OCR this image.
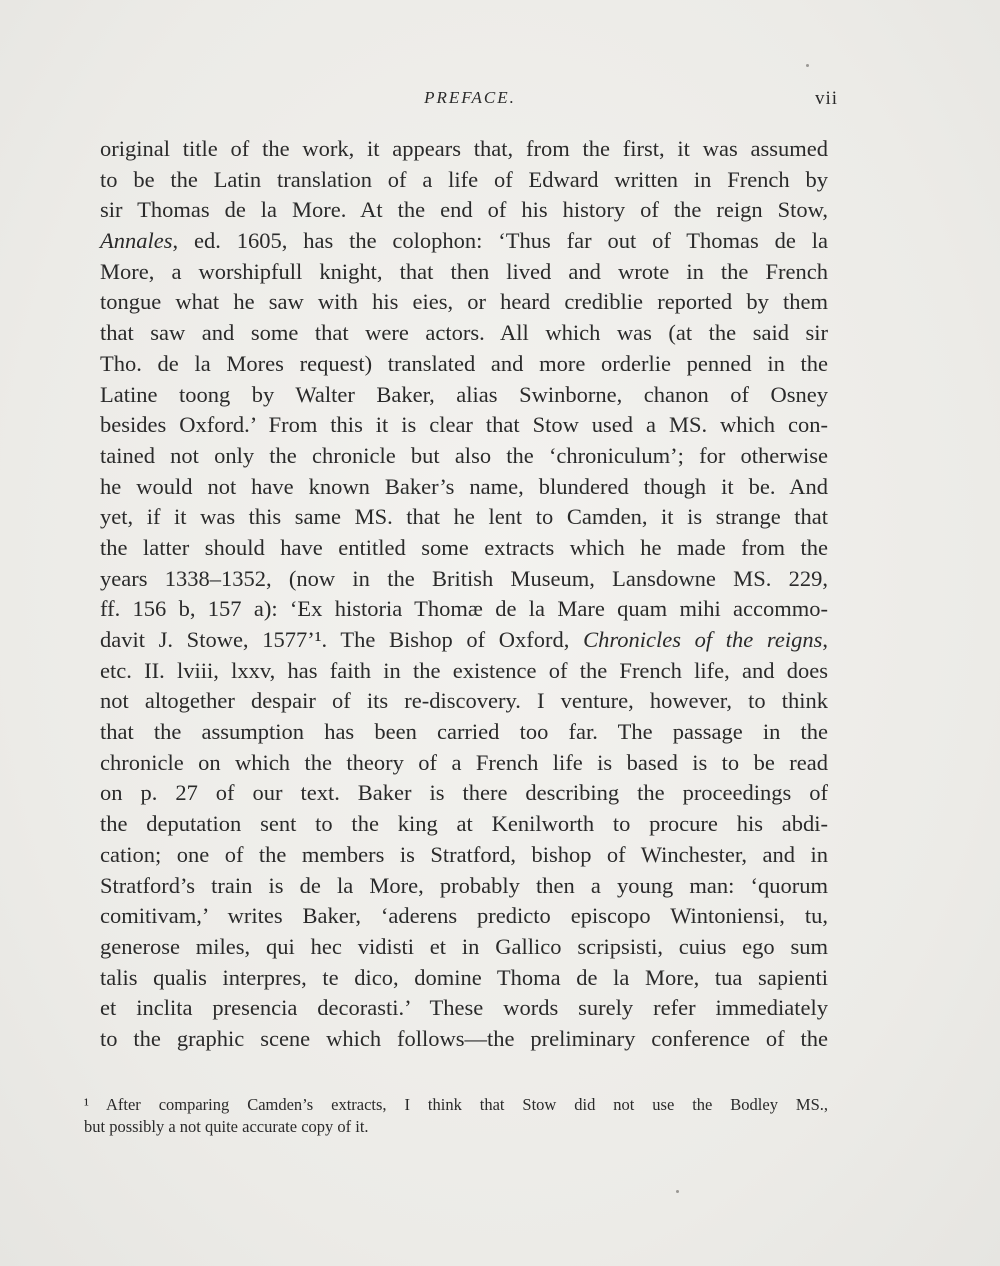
PREFACE.	vii
original title of the work, it appears that, from the first, it was assumed
to be the Latin translation of a life of Edward written in French by
sir Thomas de la More. At the end of his history of the reign Stow,
Annales, ed. 1605, has the colophon: ‘Thus far out of Thomas de la
More, a worshipfull knight, that then lived and wrote in the French
tongue what he saw with his eies, or heard crediblie reported by them
that saw and some that were actors. All which was (at the said sir
Tho. de la Mores request) translated and more orderlie penned in the
Latine toong by Walter Baker, alias Swinborne, chanon of Osney
besides Oxford.’ From this it is clear that Stow used a MS. which con-
tained not only the chronicle but also the ‘chroniculum’; for otherwise
he would not have known Baker’s name, blundered though it be. And
yet, if it was this same MS. that he lent to Camden, it is strange that
the latter should have entitled some extracts which he made from the
years 1338–1352, (now in the British Museum, Lansdowne MS. 229,
ff. 156 b, 157 a): ‘Ex historia Thomæ de la Mare quam mihi accommo-
davit J. Stowe, 1577’¹. The Bishop of Oxford, Chronicles of the reigns,
etc. II. lviii, lxxv, has faith in the existence of the French life, and does
not altogether despair of its re-discovery. I venture, however, to think
that the assumption has been carried too far. The passage in the
chronicle on which the theory of a French life is based is to be read
on p. 27 of our text. Baker is there describing the proceedings of
the deputation sent to the king at Kenilworth to procure his abdi-
cation; one of the members is Stratford, bishop of Winchester, and in
Stratford’s train is de la More, probably then a young man: ‘quorum
comitivam,’ writes Baker, ‘aderens predicto episcopo Wintoniensi, tu,
generose miles, qui hec vidisti et in Gallico scripsisti, cuius ego sum
talis qualis interpres, te dico, domine Thoma de la More, tua sapienti
et inclita presencia decorasti.’ These words surely refer immediately
to the graphic scene which follows—the preliminary conference of the
¹ After comparing Camden’s extracts, I think that Stow did not use the Bodley MS.,
but possibly a not quite accurate copy of it.
